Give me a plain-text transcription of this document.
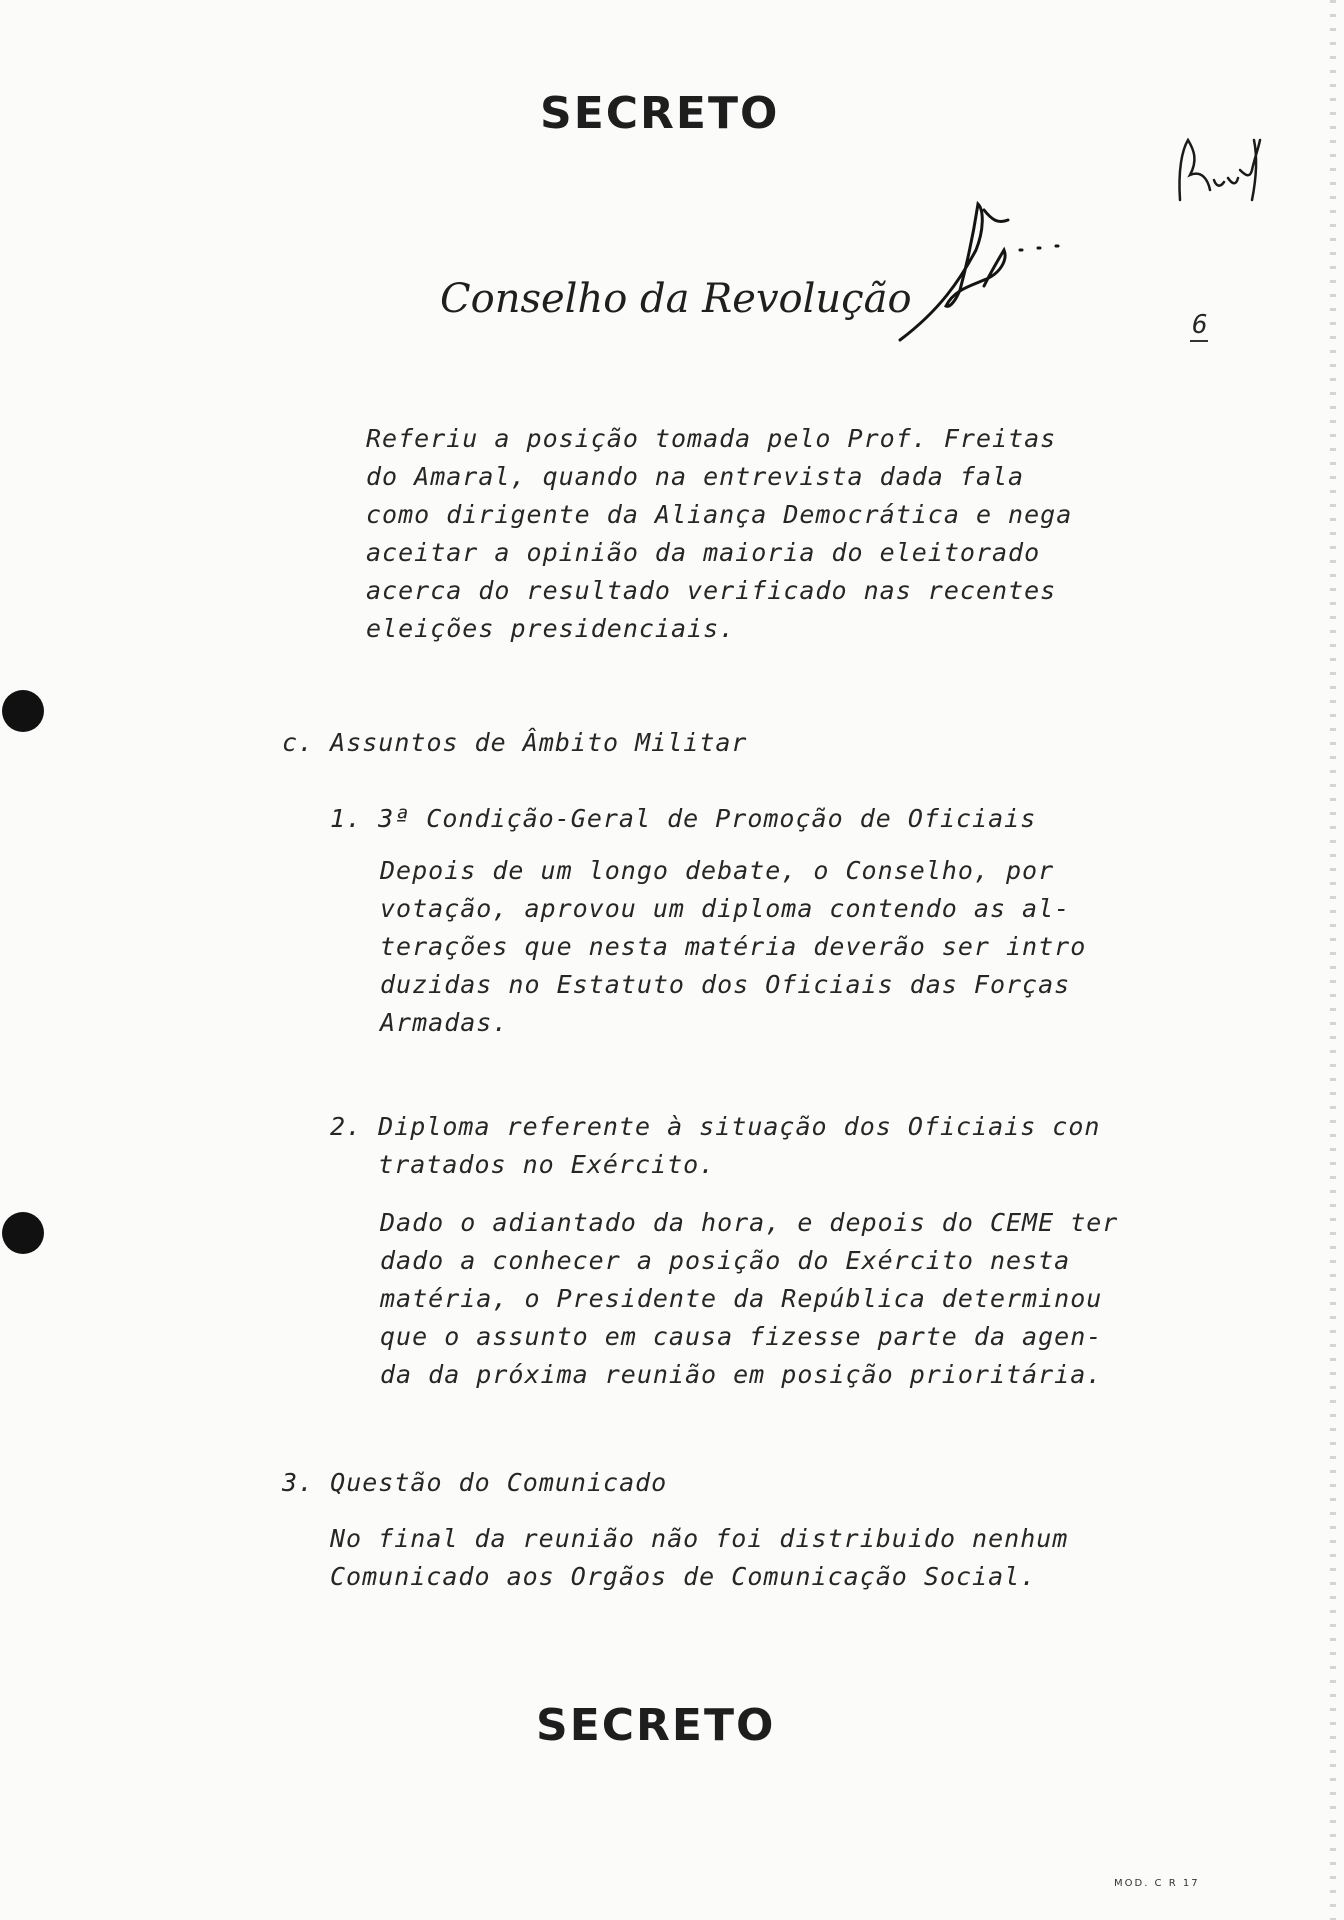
SECRETO
Conselho da Revolução
6
Referiu a posição tomada pelo Prof. Freitas
do Amaral, quando na entrevista dada fala
como dirigente da Aliança Democrática e nega
aceitar a opinião da maioria do eleitorado
acerca do resultado verificado nas recentes
eleições presidenciais.
c. Assuntos de Âmbito Militar
1. 3ª Condição-Geral de Promoção de Oficiais
Depois de um longo debate, o Conselho, por
votação, aprovou um diploma contendo as al-
terações que nesta matéria deverão ser intro
duzidas no Estatuto dos Oficiais das Forças
Armadas.
2. Diploma referente à situação dos Oficiais con
tratados no Exército.
Dado o adiantado da hora, e depois do CEME ter
dado a conhecer a posição do Exército nesta
matéria, o Presidente da República determinou
que o assunto em causa fizesse parte da agen-
da da próxima reunião em posição prioritária.
3. Questão do Comunicado
No final da reunião não foi distribuido nenhum
Comunicado aos Orgãos de Comunicação Social.
SECRETO
MOD. C R 17
